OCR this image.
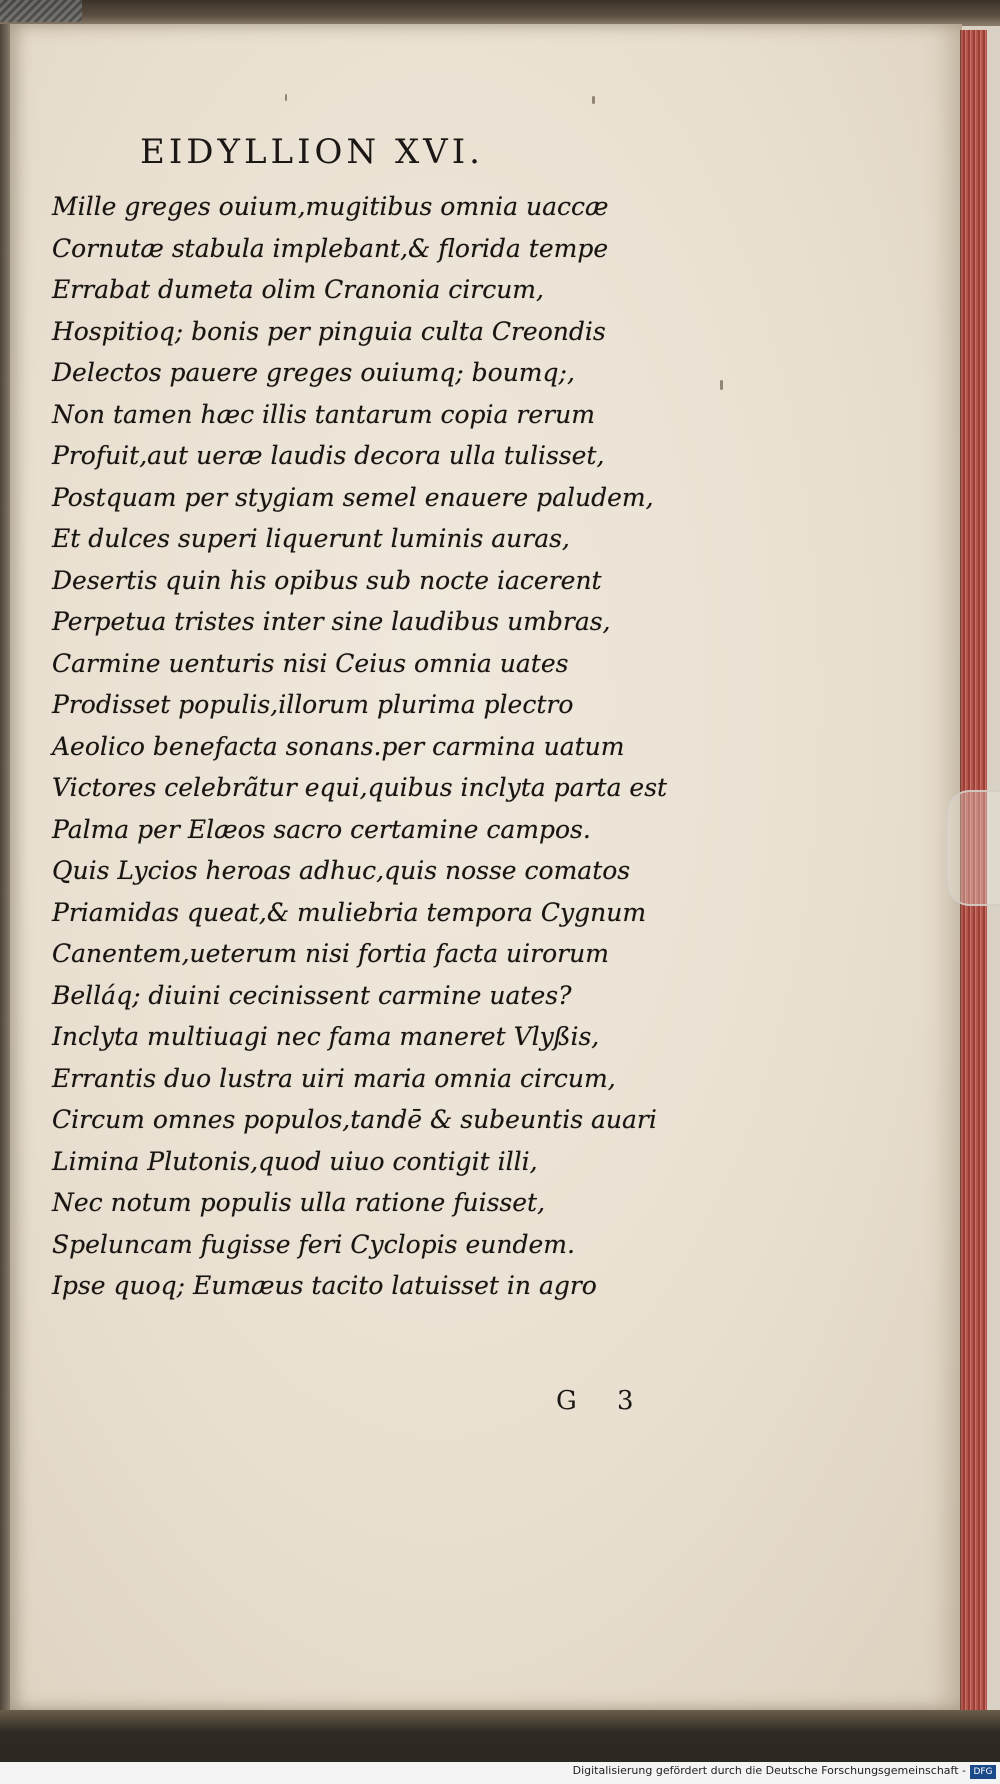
EIDYLLION XVI.
Mille greges ouium,mugitibus omnia uaccæ
Cornutæ stabula implebant,& florida tempe
Errabat dumeta olim Cranonia circum,
Hospitioq; bonis per pinguia culta Creondis
Delectos pauere greges ouiumq; boumq;,
Non tamen hæc illis tantarum copia rerum
Profuit,aut ueræ laudis decora ulla tulisset,
Postquam per stygiam semel enauere paludem,
Et dulces superi liquerunt luminis auras,
Desertis quin his opibus sub nocte iacerent
Perpetua tristes inter sine laudibus umbras,
Carmine uenturis nisi Ceius omnia uates
Prodisset populis,illorum plurima plectro
Aeolico benefacta sonans.per carmina uatum
Victores celebrãtur equi,quibus inclyta parta est
Palma per Elæos sacro certamine campos.
Quis Lycios heroas adhuc,quis nosse comatos
Priamidas queat,& muliebria tempora Cygnum
Canentem,ueterum nisi fortia facta uirorum
Belláq; diuini cecinissent carmine uates?
Inclyta multiuagi nec fama maneret Vlyßis,
Errantis duo lustra uiri maria omnia circum,
Circum omnes populos,tandē & subeuntis auari
Limina Plutonis,quod uiuo contigit illi,
Nec notum populis ulla ratione fuisset,
Speluncam fugisse feri Cyclopis eundem.
Ipse quoq; Eumæus tacito latuisset in agro
G 3
Digitalisierung gefördert durch die Deutsche Forschungsgemeinschaft - DFG
